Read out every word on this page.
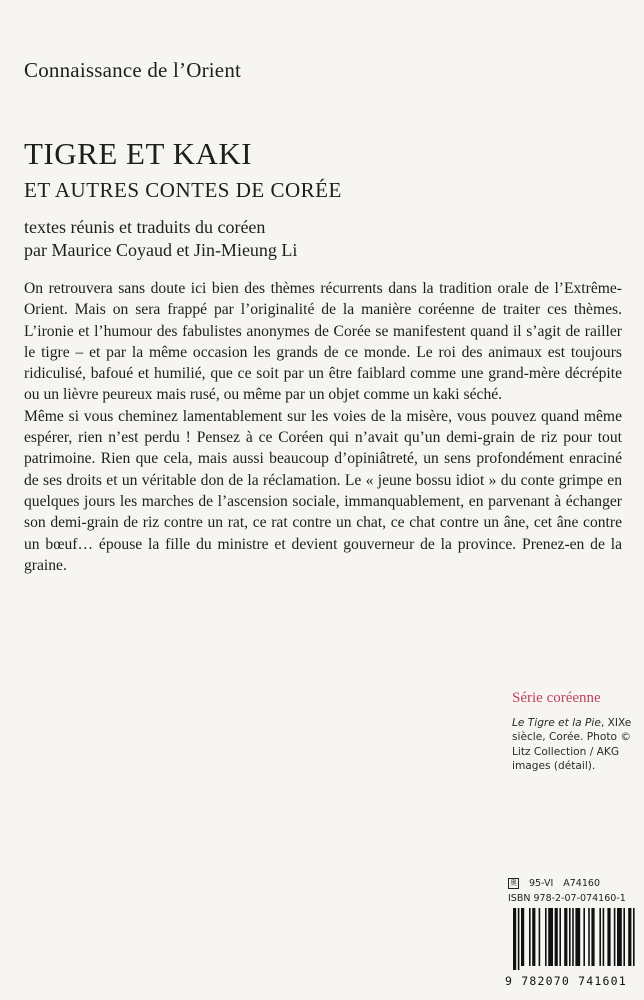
Connaissance de l’Orient
TIGRE ET KAKI
ET AUTRES CONTES DE CORÉE
textes réunis et traduits du coréen
par Maurice Coyaud et Jin-Mieung Li

On retrouvera sans doute ici bien des thèmes récurrents dans la tradition orale de l’Extrême-Orient. Mais on sera frappé par l’originalité de la manière coréenne de traiter ces thèmes. L’ironie et l’humour des fabulistes anonymes de Corée se manifestent quand il s’agit de railler le tigre – et par la même occasion les grands de ce monde. Le roi des animaux est toujours ridiculisé, bafoué et humilié, que ce soit par un être faiblard comme une grand-mère décrépite ou un lièvre peureux mais rusé, ou même par un objet comme un kaki séché.

Même si vous cheminez lamentablement sur les voies de la misère, vous pouvez quand même espérer, rien n’est perdu ! Pensez à ce Coréen qui n’avait qu’un demi-grain de riz pour tout patrimoine. Rien que cela, mais aussi beaucoup d’opiniâtreté, un sens profondément enraciné de ses droits et un véritable don de la réclamation. Le « jeune bossu idiot » du conte grimpe en quelques jours les marches de l’ascension sociale, immanquablement, en parvenant à échanger son demi-grain de riz contre un rat, ce rat contre un chat, ce chat contre un âne, cet âne contre un bœuf… épouse la fille du ministre et devient gouverneur de la province. Prenez-en de la graine.

Série coréenne
Le Tigre et la Pie, XIXe siècle, Corée. Photo © Litz Collection / AKG images (détail).
奥 95-VI A74160
ISBN 978-2-07-074160-1
9 782070 741601
